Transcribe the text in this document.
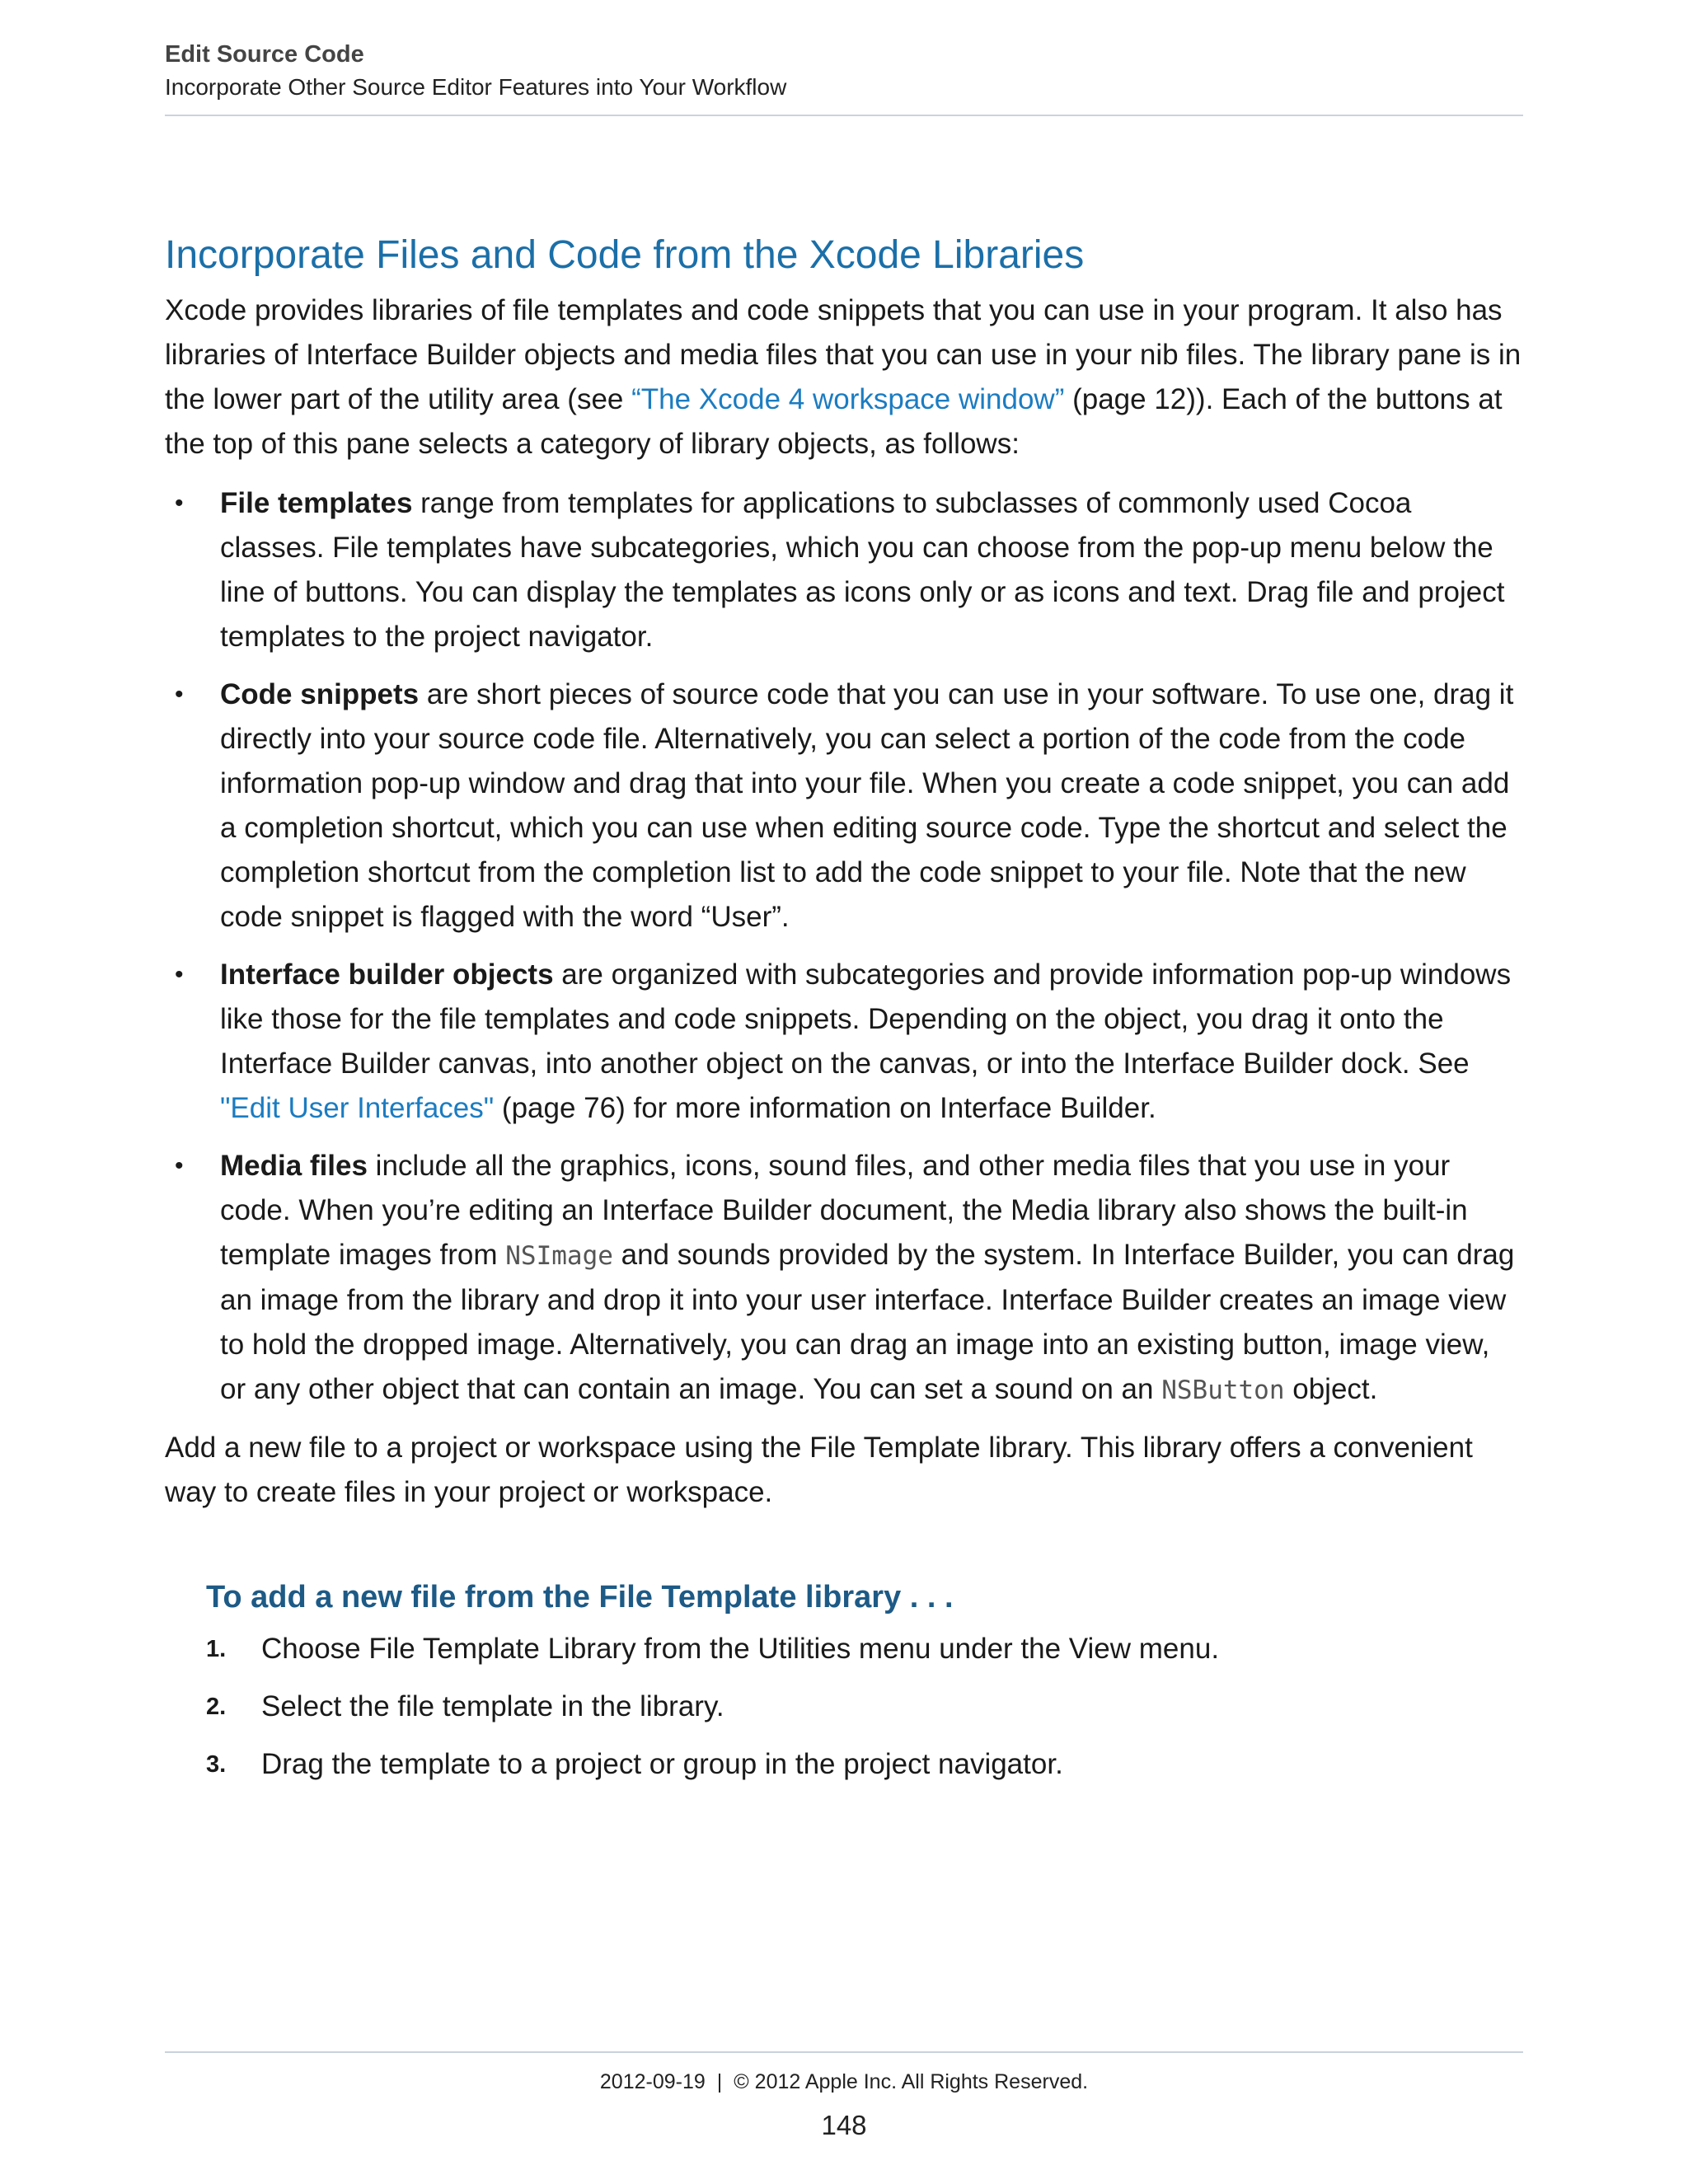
Edit Source Code
Incorporate Other Source Editor Features into Your Workflow
Incorporate Files and Code from the Xcode Libraries

Xcode provides libraries of file templates and code snippets that you can use in your program. It also has libraries of Interface Builder objects and media files that you can use in your nib files. The library pane is in the lower part of the utility area (see “The Xcode 4 workspace window” (page 12)). Each of the buttons at the top of this pane selects a category of library objects, as follows:

• File templates range from templates for applications to subclasses of commonly used Cocoa classes. File templates have subcategories, which you can choose from the pop-up menu below the line of buttons. You can display the templates as icons only or as icons and text. Drag file and project templates to the project navigator.
• Code snippets are short pieces of source code that you can use in your software. To use one, drag it directly into your source code file. Alternatively, you can select a portion of the code from the code information pop-up window and drag that into your file. When you create a code snippet, you can add a completion shortcut, which you can use when editing source code. Type the shortcut and select the completion shortcut from the completion list to add the code snippet to your file. Note that the new code snippet is flagged with the word “User”.
• Interface builder objects are organized with subcategories and provide information pop-up windows like those for the file templates and code snippets. Depending on the object, you drag it onto the Interface Builder canvas, into another object on the canvas, or into the Interface Builder dock. See "Edit User Interfaces" (page 76) for more information on Interface Builder.
• Media files include all the graphics, icons, sound files, and other media files that you use in your code. When you’re editing an Interface Builder document, the Media library also shows the built-in template images from NSImage and sounds provided by the system. In Interface Builder, you can drag an image from the library and drop it into your user interface. Interface Builder creates an image view to hold the dropped image. Alternatively, you can drag an image into an existing button, image view, or any other object that can contain an image. You can set a sound on an NSButton object.

Add a new file to a project or workspace using the File Template library. This library offers a convenient way to create files in your project or workspace.

To add a new file from the File Template library . . .
1. Choose File Template Library from the Utilities menu under the View menu.
2. Select the file template in the library.
3. Drag the template to a project or group in the project navigator.
2012-09-19 | © 2012 Apple Inc. All Rights Reserved.
148
